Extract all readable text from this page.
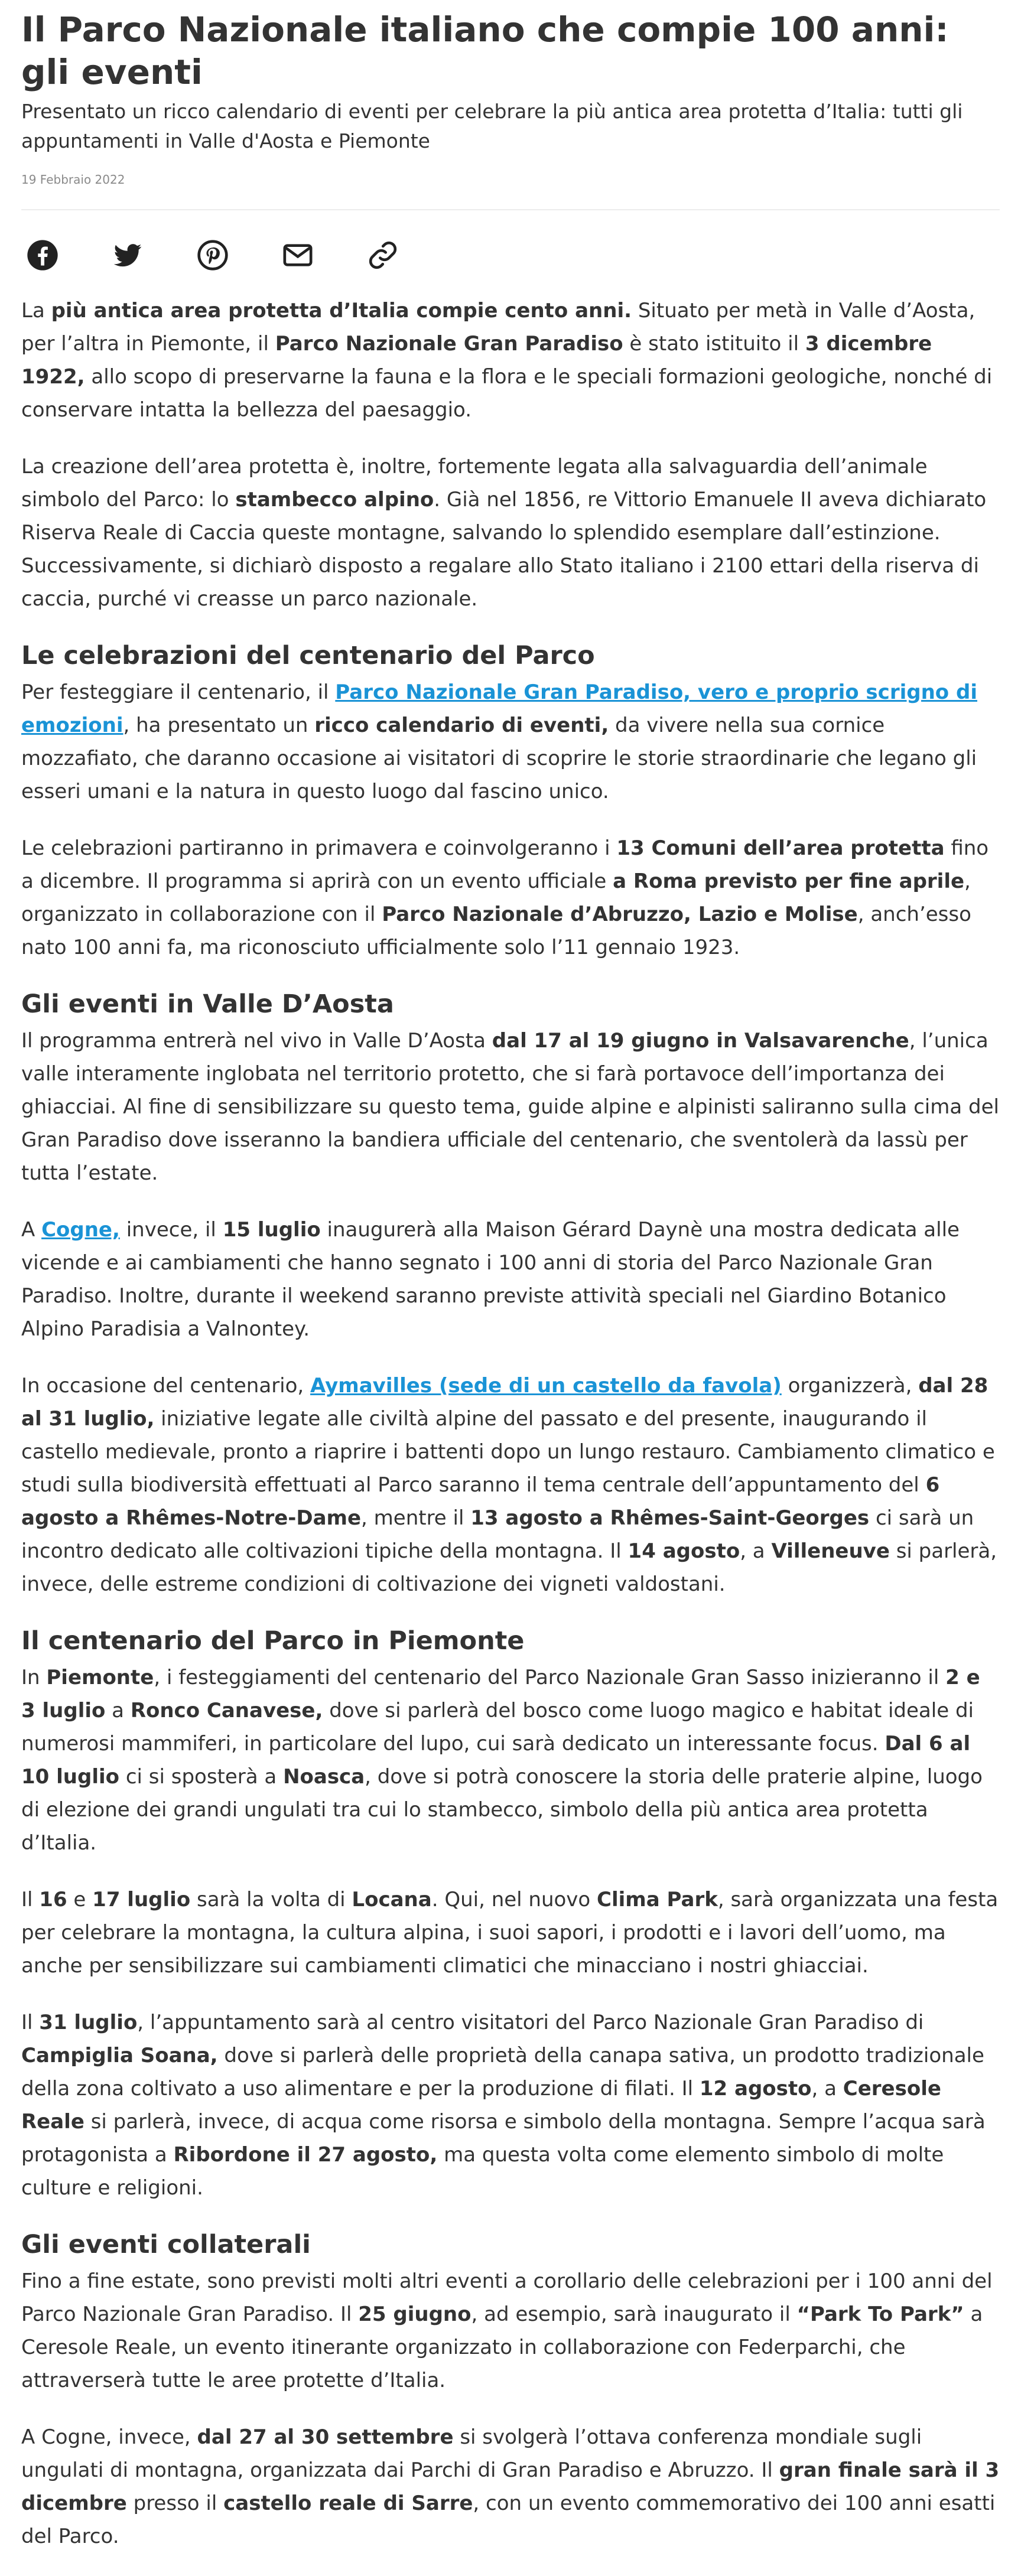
Il Parco Nazionale italiano che compie 100 anni: gli eventi
Presentato un ricco calendario di eventi per celebrare la più antica area protetta d’Italia: tutti gli appuntamenti in Valle d'Aosta e Piemonte
19 Febbraio 2022

La più antica area protetta d’Italia compie cento anni. Situato per metà in Valle d’Aosta, per l’altra in Piemonte, il Parco Nazionale Gran Paradiso è stato istituito il 3 dicembre 1922, allo scopo di preservarne la fauna e la flora e le speciali formazioni geologiche, nonché di conservare intatta la bellezza del paesaggio.

La creazione dell’area protetta è, inoltre, fortemente legata alla salvaguardia dell’animale simbolo del Parco: lo stambecco alpino. Già nel 1856, re Vittorio Emanuele II aveva dichiarato Riserva Reale di Caccia queste montagne, salvando lo splendido esemplare dall’estinzione. Successivamente, si dichiarò disposto a regalare allo Stato italiano i 2100 ettari della riserva di caccia, purché vi creasse un parco nazionale.

Le celebrazioni del centenario del Parco

Per festeggiare il centenario, il Parco Nazionale Gran Paradiso, vero e proprio scrigno di emozioni, ha presentato un ricco calendario di eventi, da vivere nella sua cornice mozzafiato, che daranno occasione ai visitatori di scoprire le storie straordinarie che legano gli esseri umani e la natura in questo luogo dal fascino unico.

Le celebrazioni partiranno in primavera e coinvolgeranno i 13 Comuni dell’area protetta fino a dicembre. Il programma si aprirà con un evento ufficiale a Roma previsto per fine aprile, organizzato in collaborazione con il Parco Nazionale d’Abruzzo, Lazio e Molise, anch’esso nato 100 anni fa, ma riconosciuto ufficialmente solo l’11 gennaio 1923.

Gli eventi in Valle D’Aosta

Il programma entrerà nel vivo in Valle D’Aosta dal 17 al 19 giugno in Valsavarenche, l’unica valle interamente inglobata nel territorio protetto, che si farà portavoce dell’importanza dei ghiacciai. Al fine di sensibilizzare su questo tema, guide alpine e alpinisti saliranno sulla cima del Gran Paradiso dove isseranno la bandiera ufficiale del centenario, che sventolerà da lassù per tutta l’estate.

A Cogne, invece, il 15 luglio inaugurerà alla Maison Gérard Daynè una mostra dedicata alle vicende e ai cambiamenti che hanno segnato i 100 anni di storia del Parco Nazionale Gran Paradiso. Inoltre, durante il weekend saranno previste attività speciali nel Giardino Botanico Alpino Paradisia a Valnontey.

In occasione del centenario, Aymavilles (sede di un castello da favola) organizzerà, dal 28 al 31 luglio, iniziative legate alle civiltà alpine del passato e del presente, inaugurando il castello medievale, pronto a riaprire i battenti dopo un lungo restauro. Cambiamento climatico e studi sulla biodiversità effettuati al Parco saranno il tema centrale dell’appuntamento del 6 agosto a Rhêmes-Notre-Dame, mentre il 13 agosto a Rhêmes-Saint-Georges ci sarà un incontro dedicato alle coltivazioni tipiche della montagna. Il 14 agosto, a Villeneuve si parlerà, invece, delle estreme condizioni di coltivazione dei vigneti valdostani.

Il centenario del Parco in Piemonte

In Piemonte, i festeggiamenti del centenario del Parco Nazionale Gran Sasso inizieranno il 2 e 3 luglio a Ronco Canavese, dove si parlerà del bosco come luogo magico e habitat ideale di numerosi mammiferi, in particolare del lupo, cui sarà dedicato un interessante focus. Dal 6 al 10 luglio ci si sposterà a Noasca, dove si potrà conoscere la storia delle praterie alpine, luogo di elezione dei grandi ungulati tra cui lo stambecco, simbolo della più antica area protetta d’Italia.

Il 16 e 17 luglio sarà la volta di Locana. Qui, nel nuovo Clima Park, sarà organizzata una festa per celebrare la montagna, la cultura alpina, i suoi sapori, i prodotti e i lavori dell’uomo, ma anche per sensibilizzare sui cambiamenti climatici che minacciano i nostri ghiacciai.

Il 31 luglio, l’appuntamento sarà al centro visitatori del Parco Nazionale Gran Paradiso di Campiglia Soana, dove si parlerà delle proprietà della canapa sativa, un prodotto tradizionale della zona coltivato a uso alimentare e per la produzione di filati. Il 12 agosto, a Ceresole Reale si parlerà, invece, di acqua come risorsa e simbolo della montagna. Sempre l’acqua sarà protagonista a Ribordone il 27 agosto, ma questa volta come elemento simbolo di molte culture e religioni.

Gli eventi collaterali

Fino a fine estate, sono previsti molti altri eventi a corollario delle celebrazioni per i 100 anni del Parco Nazionale Gran Paradiso. Il 25 giugno, ad esempio, sarà inaugurato il “Park To Park” a Ceresole Reale, un evento itinerante organizzato in collaborazione con Federparchi, che attraverserà tutte le aree protette d’Italia.

A Cogne, invece, dal 27 al 30 settembre si svolgerà l’ottava conferenza mondiale sugli ungulati di montagna, organizzata dai Parchi di Gran Paradiso e Abruzzo. Il gran finale sarà il 3 dicembre presso il castello reale di Sarre, con un evento commemorativo dei 100 anni esatti del Parco.
